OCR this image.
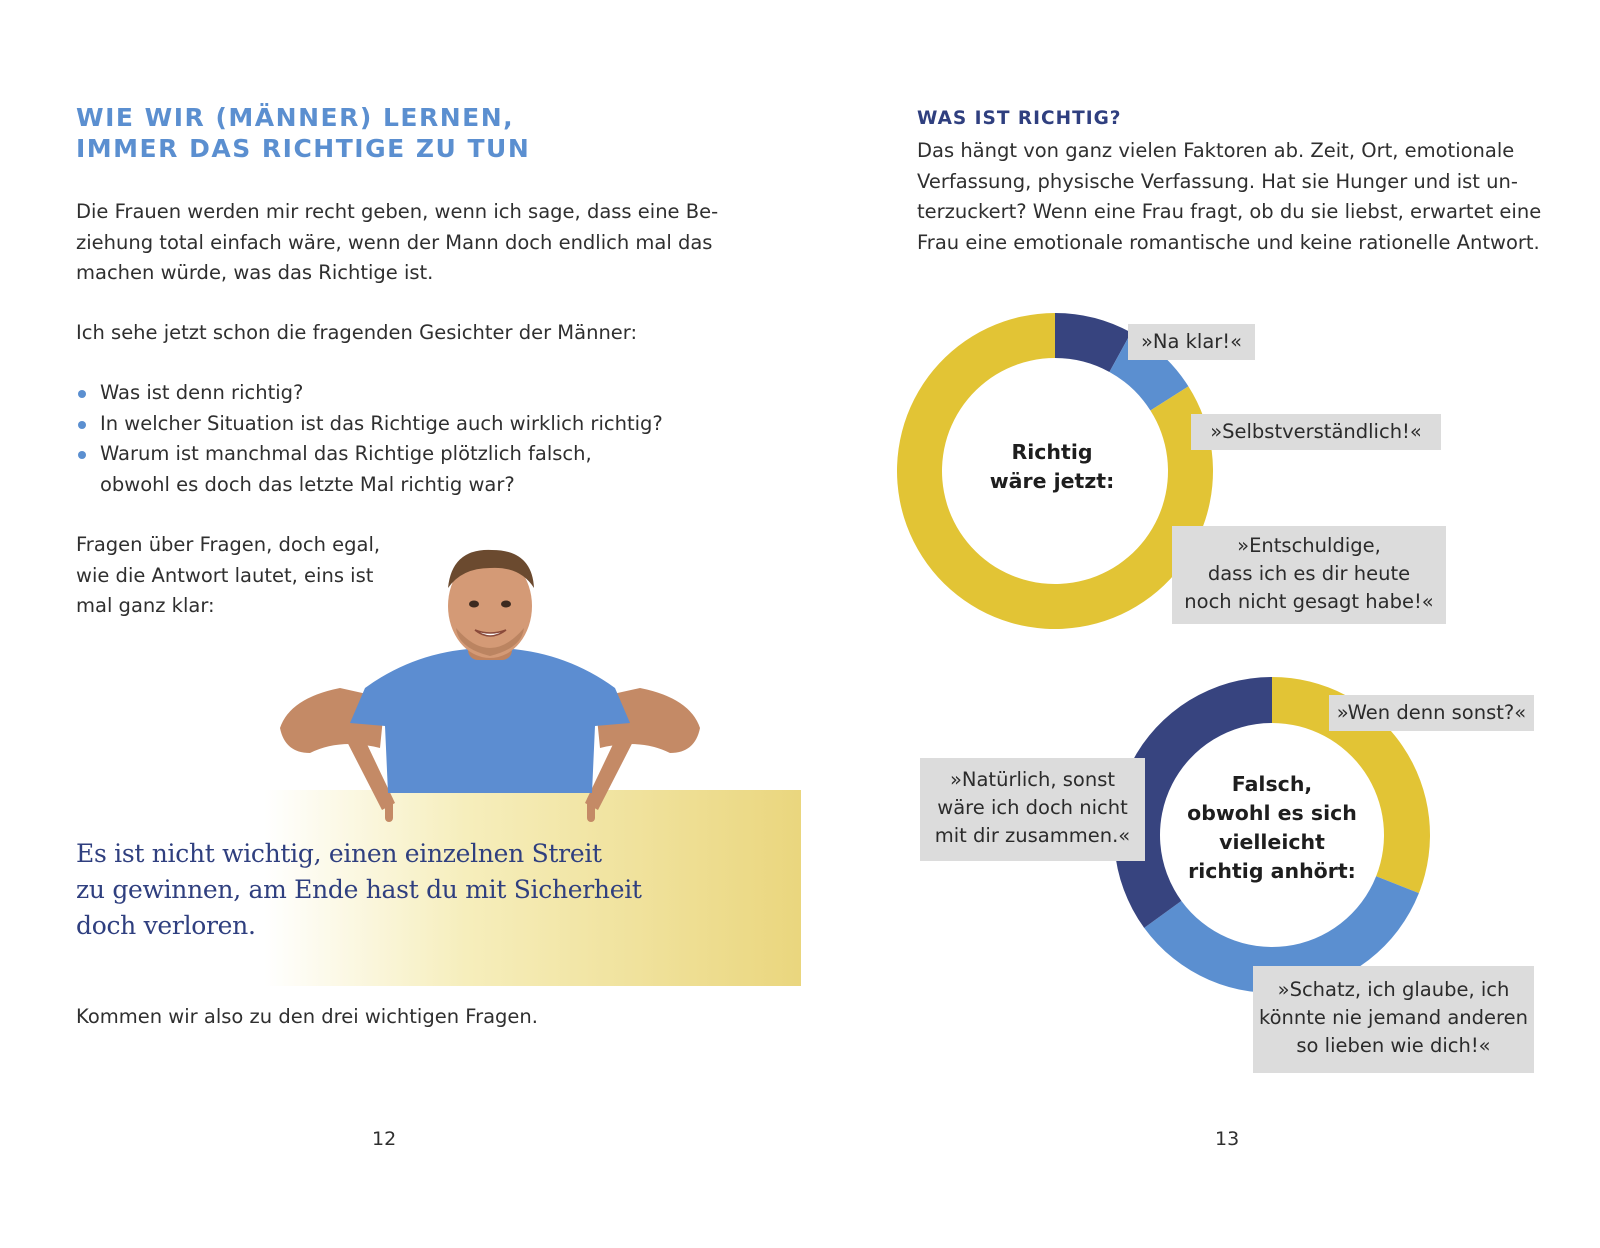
WIE WIR (MÄNNER) LERNEN,
IMMER DAS RICHTIGE ZU TUN
Die Frauen werden mir recht geben, wenn ich sage, dass eine Be-
ziehung total einfach wäre, wenn der Mann doch endlich mal das
machen würde, was das Richtige ist.

Ich sehe jetzt schon die fragenden Gesichter der Männer:

Was ist denn richtig?
In welcher Situation ist das Richtige auch wirklich richtig?
Warum ist manchmal das Richtige plötzlich falsch,
obwohl es doch das letzte Mal richtig war?
Fragen über Fragen, doch egal,
wie die Antwort lautet, eins ist
mal ganz klar:
Es ist nicht wichtig, einen einzelnen Streit
zu gewinnen, am Ende hast du mit Sicherheit
doch verloren.

Kommen wir also zu den drei wichtigen Fragen.

12
WAS IST RICHTIG?
Das hängt von ganz vielen Faktoren ab. Zeit, Ort, emotionale
Verfassung, physische Verfassung. Hat sie Hunger und ist un-
terzuckert? Wenn eine Frau fragt, ob du sie liebst, erwartet eine
Frau eine emotionale romantische und keine rationelle Antwort.
Richtig
wäre jetzt:
»Na klar!«
»Selbstverständlich!«
»Entschuldige,
dass ich es dir heute
noch nicht gesagt habe!«
Falsch,
obwohl es sich
vielleicht
richtig anhört:
»Wen denn sonst?«
»Schatz, ich glaube, ich
könnte nie jemand anderen
so lieben wie dich!«
»Natürlich, sonst
wäre ich doch nicht
mit dir zusammen.«
13
